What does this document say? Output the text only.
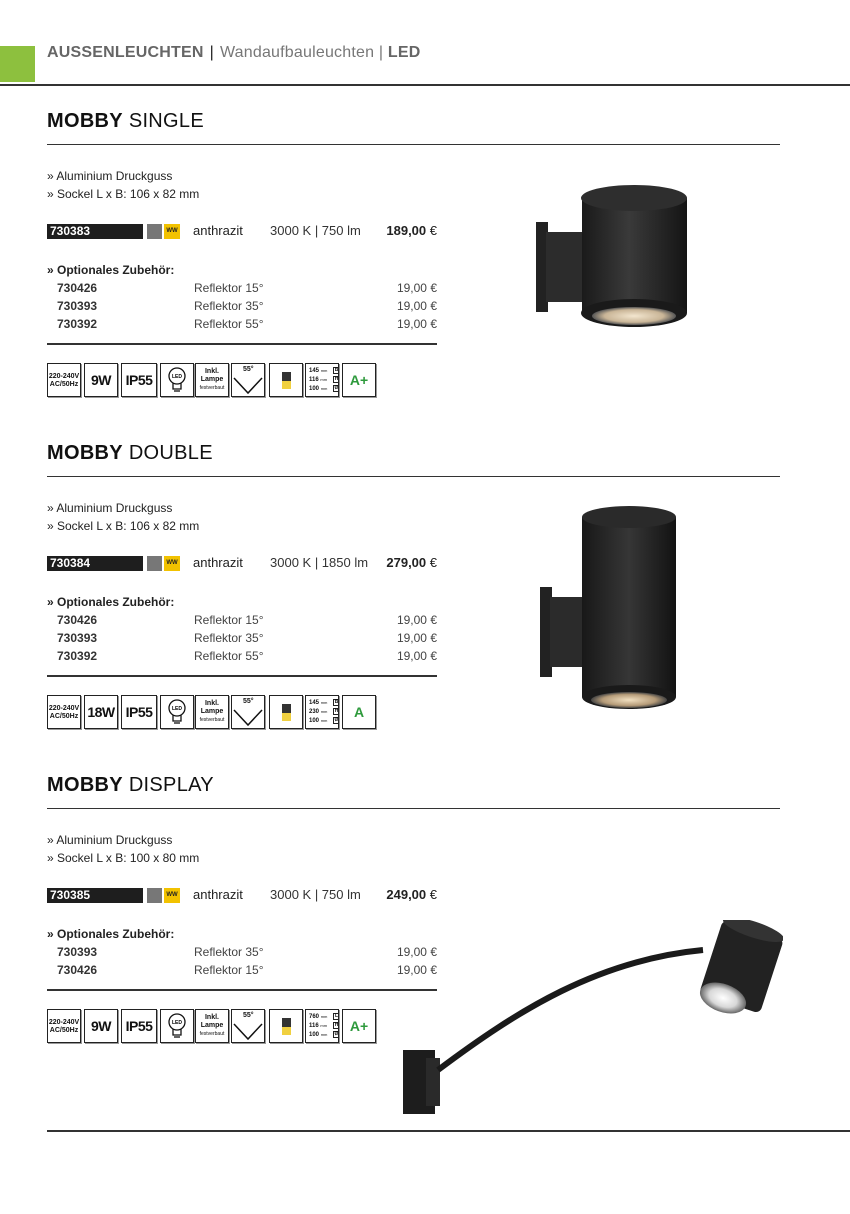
AUSSENLEUCHTEN | Wandaufbauleuchten | LED
MOBBY SINGLE
» Aluminium Druckguss
» Sockel L x B: 106 x 82 mm
730383	WW anthrazit 3000 K | 750 lm 189,00 €
» Optionales Zubehör:
730426	Reflektor 15°	19,00 €
730393	Reflektor 35°	19,00 €
730392	Reflektor 55°	19,00 €
220-240V
AC/50Hz 9W	IP55	LED
Inkl.
Lampe
festverbaut
55°	145 mm	B
116 mm	H
100 mm	Ø A+
MOBBY DOUBLE
» Aluminium Druckguss
» Sockel L x B: 106 x 82 mm
730384	WW anthrazit 3000 K | 1850 lm 279,00 €
» Optionales Zubehör:
730426	Reflektor 15°	19,00 €
730393	Reflektor 35°	19,00 €
730392	Reflektor 55°	19,00 €
220-240V
AC/50Hz 18W IP55	LED
Inkl.
Lampe
festverbaut
55°	145 mm	B
230 mm	H
100 mm	Ø	A
MOBBY DISPLAY
» Aluminium Druckguss
» Sockel L x B: 100 x 80 mm
730385	WW anthrazit 3000 K | 750 lm 249,00 €
» Optionales Zubehör:
730393	Reflektor 35°	19,00 €
730426	Reflektor 15°	19,00 €
220-240V
AC/50Hz 9W	IP55	LED
Inkl.
Lampe
festverbaut
55°	760 mm	L
116 mm	H
100 mm	Ø A+
